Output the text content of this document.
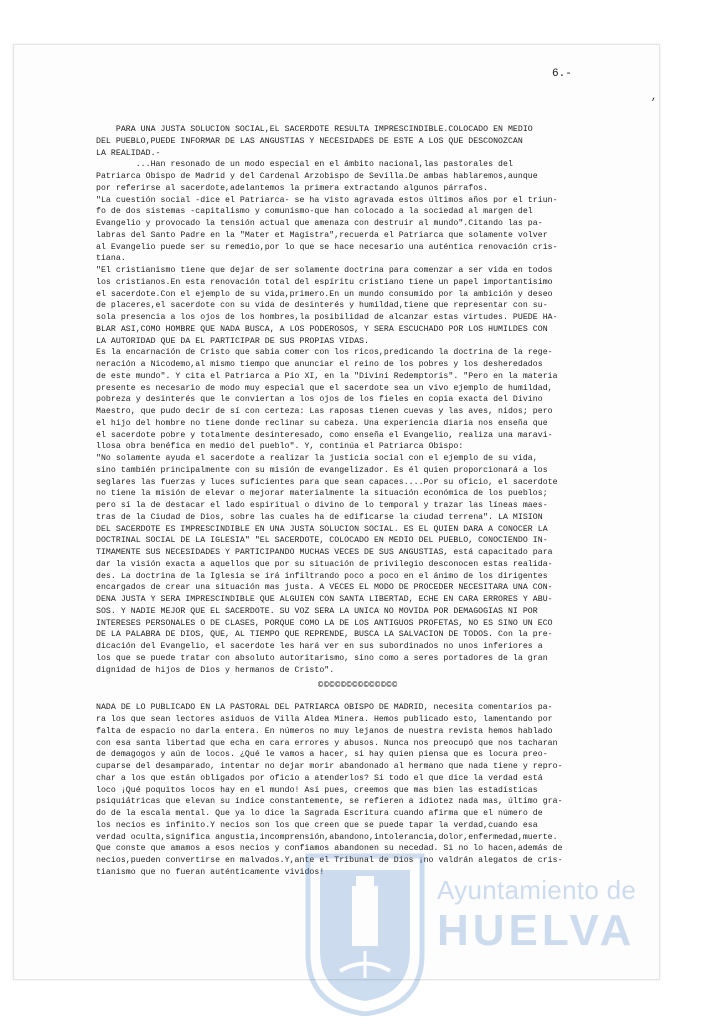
6.-
,
PARA UNA JUSTA SOLUCION SOCIAL,EL SACERDOTE RESULTA IMPRESCINDIBLE.COLOCADO EN MEDIO
DEL PUEBLO,PUEDE INFORMAR DE LAS ANGUSTIAS Y NECESIDADES DE ESTE A LOS QUE DESCONOZCAN
LA REALIDAD.-
...Han resonado de un modo especial en el ámbito nacional,las pastorales del
Patriarca Obispo de Madrid y del Cardenal Arzobispo de Sevilla.De ambas hablaremos,aunque
por referirse al sacerdote,adelantemos la primera extractando algunos párrafos.
"La cuestión social -dice el Patriarca- se ha visto agravada estos últimos años por el triun-
fo de dos sistemas -capitalismo y comunismo-que han colocado a la sociedad al margen del
Evangelio y provocado la tensión actual que amenaza con destruir al mundo".Citando las pa-
labras del Santo Padre en la "Mater et Magistra",recuerda el Patriarca que solamente volver
al Evangelio puede ser su remedio,por lo que se hace necesario una auténtica renovación cris-
tiana.
"El cristianismo tiene que dejar de ser solamente doctrina para comenzar a ser vida en todos
los cristianos.En esta renovación total del espíritu cristiano tiene un papel importantísimo
el sacerdote.Con el ejemplo de su vida,primero.En un mundo consumido por la ambición y deseo
de placeres,el sacerdote con su vida de desinterés y humildad,tiene que representar con su-
sola presencia a los ojos de los hombres,la posibilidad de alcanzar estas virtudes. PUEDE HA-
BLAR ASI,COMO HOMBRE QUE NADA BUSCA, A LOS PODEROSOS, Y SERA ESCUCHADO POR LOS HUMILDES CON
LA AUTORIDAD QUE DA EL PARTICIPAR DE SUS PROPIAS VIDAS.
Es la encarnación de Cristo que sabía comer con los ricos,predicando la doctrina de la rege-
neración a Nicodemo,al mismo tiempo que anunciar el reino de los pobres y los desheredados
de este mundo". Y cita el Patriarca a Pío XI, en la "Divini Redemptoris". "Pero en la materia
presente es necesario de modo muy especial que el sacerdote sea un vivo ejemplo de humildad,
pobreza y desinterés que le conviertan a los ojos de los fieles en copia exacta del Divino
Maestro, que pudo decir de sí con certeza: Las raposas tienen cuevas y las aves, nidos; pero
el hijo del hombre no tiene donde reclinar su cabeza. Una experiencia diaria nos enseña que
el sacerdote pobre y totalmente desinteresado, como enseña el Evangelio, realiza una maravi-
llosa obra benéfica en medio del pueblo". Y, continúa el Patriarca Obispo:
"No solamente ayuda el sacerdote a realizar la justicia social con el ejemplo de su vida,
sino también principalmente con su misión de evangelizador. Es él quien proporcionará a los
seglares las fuerzas y luces suficientes para que sean capaces....Por su oficio, el sacerdote
no tiene la misión de elevar o mejorar materialmente la situación económica de los pueblos;
pero sí la de destacar el lado espiritual o divino de lo temporal y trazar las líneas maes-
tras de la Ciudad de Dios, sobre las cuales ha de edificarse la ciudad terrena". LA MISION
DEL SACERDOTE ES IMPRESCINDIBLE EN UNA JUSTA SOLUCION SOCIAL. ES EL QUIEN DARA A CONOCER LA
DOCTRINAL SOCIAL DE LA IGLESIA" "EL SACERDOTE, COLOCADO EN MEDIO DEL PUEBLO, CONOCIENDO IN-
TIMAMENTE SUS NECESIDADES Y PARTICIPANDO MUCHAS VECES DE SUS ANGUSTIAS, está capacitado para
dar la visión exacta a aquellos que por su situación de privilegio desconocen estas realida-
des. La doctrina de la Iglesia se irá infiltrando poco a poco en el ánimo de los dirigentes
encargados de crear una situación mas justa. A VECES EL MODO DE PROCEDER NECESITARA UNA CON-
DENA JUSTA Y SERA IMPRESCINDIBLE QUE ALGUIEN CON SANTA LIBERTAD, ECHE EN CARA ERRORES Y ABU-
SOS. Y NADIE MEJOR QUE EL SACERDOTE. SU VOZ SERA LA UNICA NO MOVIDA POR DEMAGOGIAS NI POR
INTERESES PERSONALES O DE CLASES, PORQUE COMO LA DE LOS ANTIGUOS PROFETAS, NO ES SINO UN ECO
DE LA PALABRA DE DIOS, QUE, AL TIEMPO QUE REPRENDE, BUSCA LA SALVACION DE TODOS. Con la pre-
dicación del Evangelio, el sacerdote les hará ver en sus subordinados no unos inferiores a
los que se puede tratar con absoluto autoritarismo, sino como a seres portadores de la gran
dignidad de hijos de Dios y hermanos de Cristo".
NADA DE LO PUBLICADO EN LA PASTORAL DEL PATRIARCA OBISPO DE MADRID, necesita comentarios pa-
ra los que sean lectores asiduos de Villa Aldea Minera. Hemos publicado esto, lamentando por
falta de espacio no darla entera. En números no muy lejanos de nuestra revista hemos hablado
con esa santa libertad que echa en cara errores y abusos. Nunca nos preocupó que nos tacharan
de demagogos y aún de locos. ¿Qué le vamos a hacer, si hay quien piensa que es locura preo-
cuparse del desamparado, intentar no dejar morir abandonado al hermano que nada tiene y repro-
char a los que están obligados por oficio a atenderlos? Si todo el que dice la verdad está
loco ¡Qué poquitos locos hay en el mundo! Así pues, creemos que mas bien las estadísticas
psiquiátricas que elevan su índice constantemente, se refieren a idiotez nada mas, último gra-
do de la escala mental. Que ya lo dice la Sagrada Escritura cuando afirma que el número de
los necios es infinito.Y necios son los que creen que se puede tapar la verdad,cuando esa
verdad oculta,significa angustia,incomprensión,abandono,intolerancia,dolor,enfermedad,muerte.
Que conste que amamos a esos necios y confiamos abandonen su necedad. Si no lo hacen,además de
necios,pueden convertirse en malvados.Y,ante el Tribunal de Dios ¡no valdrán alegatos de cris-
tianismo que no fueran auténticamente vividos!
©©©©©©©©©©©©©©
Ayuntamiento de
HUELVA
